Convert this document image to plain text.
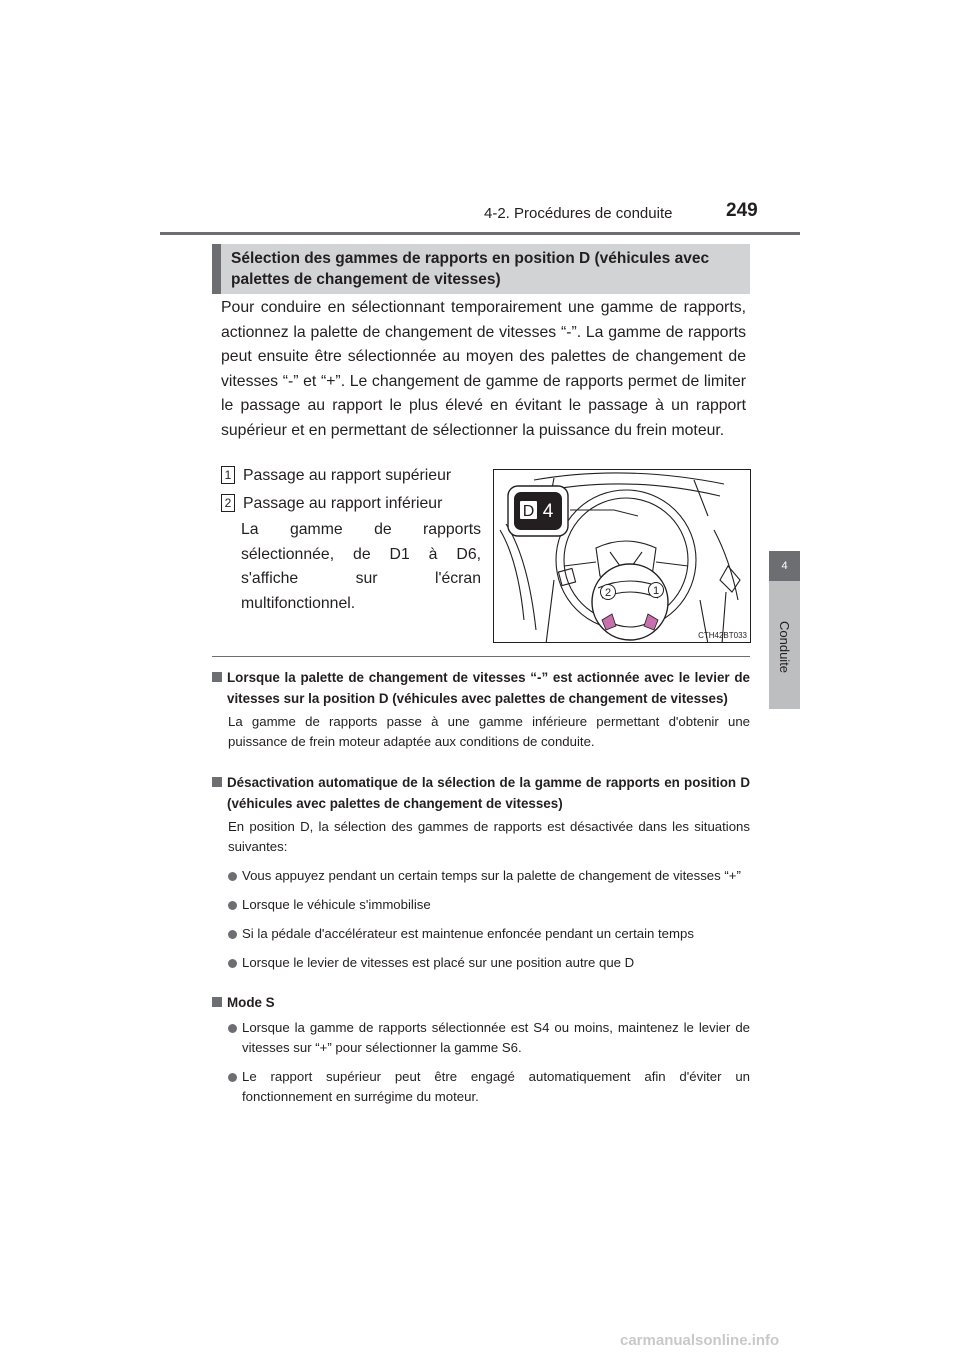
4-2. Procédures de conduite	249
4
Conduite
Sélection des gammes de rapports en position D (véhicules avec palettes de changement de vitesses)

Pour conduire en sélectionnant temporairement une gamme de rapports, actionnez la palette de changement de vitesses “-”. La gamme de rapports peut ensuite être sélectionnée au moyen des palettes de changement de vitesses “-” et “+”. Le changement de gamme de rapports permet de limiter le passage au rapport le plus élevé en évitant le passage à un rapport supérieur et en permettant de sélectionner la puissance du frein moteur.

1 Passage au rapport supérieur
2 Passage au rapport inférieur

La gamme de rapports sélectionnée, de D1 à D6, s'affiche sur l'écran multifonctionnel.

2	1
D 4
CTH42BT033
Lorsque la palette de changement de vitesses “-” est actionnée avec le levier de vitesses sur la position D (véhicules avec palettes de changement de vitesses)
La gamme de rapports passe à une gamme inférieure permettant d'obtenir une puissance de frein moteur adaptée aux conditions de conduite.
Désactivation automatique de la sélection de la gamme de rapports en position D (véhicules avec palettes de changement de vitesses)
En position D, la sélection des gammes de rapports est désactivée dans les situations suivantes:
Vous appuyez pendant un certain temps sur la palette de changement de vitesses “+”
Lorsque le véhicule s'immobilise
Si la pédale d'accélérateur est maintenue enfoncée pendant un certain temps
Lorsque le levier de vitesses est placé sur une position autre que D
Mode S
Lorsque la gamme de rapports sélectionnée est S4 ou moins, maintenez le levier de vitesses sur “+” pour sélectionner la gamme S6.
Le rapport supérieur peut être engagé automatiquement afin d'éviter un fonctionnement en surrégime du moteur.
carmanualsonline.info
